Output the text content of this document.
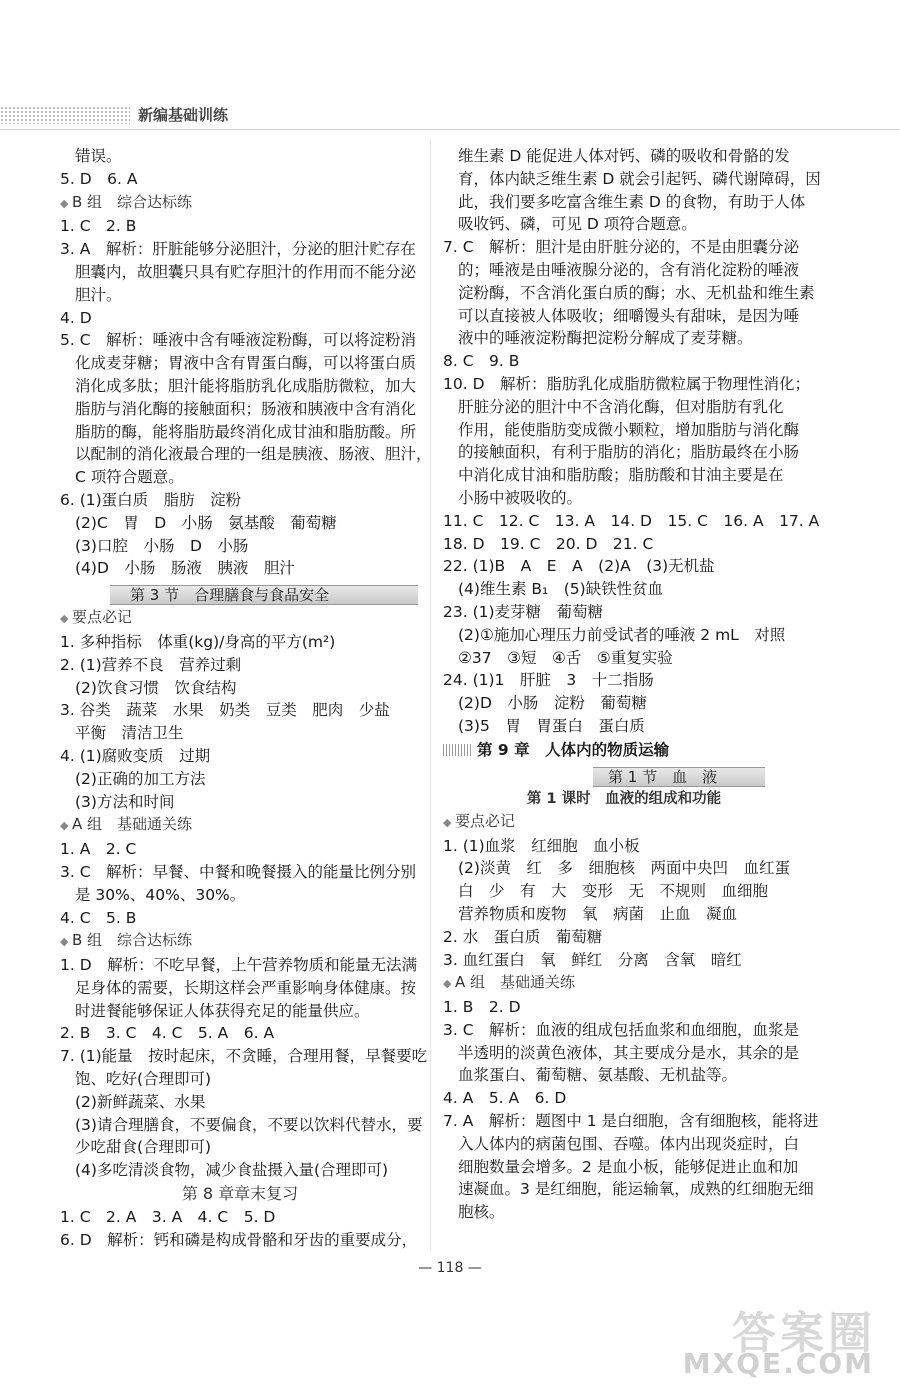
新编基础训练
错误。
5. D　6. A
◆ B 组　综合达标练
1. C　2. B
3. A　解析：肝脏能够分泌胆汁，分泌的胆汁贮存在
胆囊内，故胆囊只具有贮存胆汁的作用而不能分泌
胆汁。
4. D
5. C　解析：唾液中含有唾液淀粉酶，可以将淀粉消
化成麦芽糖；胃液中含有胃蛋白酶，可以将蛋白质
消化成多肽；胆汁能将脂肪乳化成脂肪微粒，加大
脂肪与消化酶的接触面积；肠液和胰液中含有消化
脂肪的酶，能将脂肪最终消化成甘油和脂肪酸。所
以配制的消化液最合理的一组是胰液、肠液、胆汁，
C 项符合题意。
6. (1)蛋白质　脂肪　淀粉
(2)C　胃　D　小肠　氨基酸　葡萄糖
(3)口腔　小肠　D　小肠
(4)D　小肠　肠液　胰液　胆汁
第 3 节　合理膳食与食品安全
◆ 要点必记
1. 多种指标　体重(kg)/身高的平方(m²)
2. (1)营养不良　营养过剩
(2)饮食习惯　饮食结构
3. 谷类　蔬菜　水果　奶类　豆类　肥肉　少盐
平衡　清洁卫生
4. (1)腐败变质　过期
(2)正确的加工方法
(3)方法和时间
◆ A 组　基础通关练
1. A　2. C
3. C　解析：早餐、中餐和晚餐摄入的能量比例分别
是 30%、40%、30%。
4. C　5. B
◆ B 组　综合达标练
1. D　解析：不吃早餐，上午营养物质和能量无法满
足身体的需要，长期这样会严重影响身体健康。按
时进餐能够保证人体获得充足的能量供应。
2. B　3. C　4. C　5. A　6. A
7. (1)能量　按时起床，不贪睡，合理用餐，早餐要吃
饱、吃好(合理即可)
(2)新鲜蔬菜、水果
(3)请合理膳食，不要偏食，不要以饮料代替水，要
少吃甜食(合理即可)
(4)多吃清淡食物，减少食盐摄入量(合理即可)
第 8 章章末复习
1. C　2. A　3. A　4. C　5. D
6. D　解析：钙和磷是构成骨骼和牙齿的重要成分，
维生素 D 能促进人体对钙、磷的吸收和骨骼的发
育，体内缺乏维生素 D 就会引起钙、磷代谢障碍，因
此，我们要多吃富含维生素 D 的食物，有助于人体
吸收钙、磷，可见 D 项符合题意。
7. C　解析：胆汁是由肝脏分泌的，不是由胆囊分泌
的；唾液是由唾液腺分泌的，含有消化淀粉的唾液
淀粉酶，不含消化蛋白质的酶；水、无机盐和维生素
可以直接被人体吸收；细嚼馒头有甜味，是因为唾
液中的唾液淀粉酶把淀粉分解成了麦芽糖。
8. C　9. B
10. D　解析：脂肪乳化成脂肪微粒属于物理性消化；
肝脏分泌的胆汁中不含消化酶，但对脂肪有乳化
作用，能使脂肪变成微小颗粒，增加脂肪与消化酶
的接触面积，有利于脂肪的消化；脂肪最终在小肠
中消化成甘油和脂肪酸；脂肪酸和甘油主要是在
小肠中被吸收的。
11. C　12. C　13. A　14. D　15. C　16. A　17. A
18. D　19. C　20. D　21. C
22. (1)B　A　E　A　(2)A　(3)无机盐
(4)维生素 B₁　(5)缺铁性贫血
23. (1)麦芽糖　葡萄糖
(2)①施加心理压力前受试者的唾液 2 mL　对照
②37　③短　④舌　⑤重复实验
24. (1)1　肝脏　3　十二指肠
(2)D　小肠　淀粉　葡萄糖
(3)5　胃　胃蛋白　蛋白质
第 9 章　人体内的物质运输
第 1 节　血　液
第 1 课时　血液的组成和功能
◆ 要点必记
1. (1)血浆　红细胞　血小板
(2)淡黄　红　多　细胞核　两面中央凹　血红蛋
白　少　有　大　变形　无　不规则　血细胞
营养物质和废物　氧　病菌　止血　凝血
2. 水　蛋白质　葡萄糖
3. 血红蛋白　氧　鲜红　分离　含氧　暗红
◆ A 组　基础通关练
1. B　2. D
3. C　解析：血液的组成包括血浆和血细胞，血浆是
半透明的淡黄色液体，其主要成分是水，其余的是
血浆蛋白、葡萄糖、氨基酸、无机盐等。
4. A　5. A　6. D
7. A　解析：题图中 1 是白细胞，含有细胞核，能将进
入人体内的病菌包围、吞噬。体内出现炎症时，白
细胞数量会增多。2 是血小板，能够促进止血和加
速凝血。3 是红细胞，能运输氧，成熟的红细胞无细
胞核。
— 118 —
答案圈
MXQE.COM
